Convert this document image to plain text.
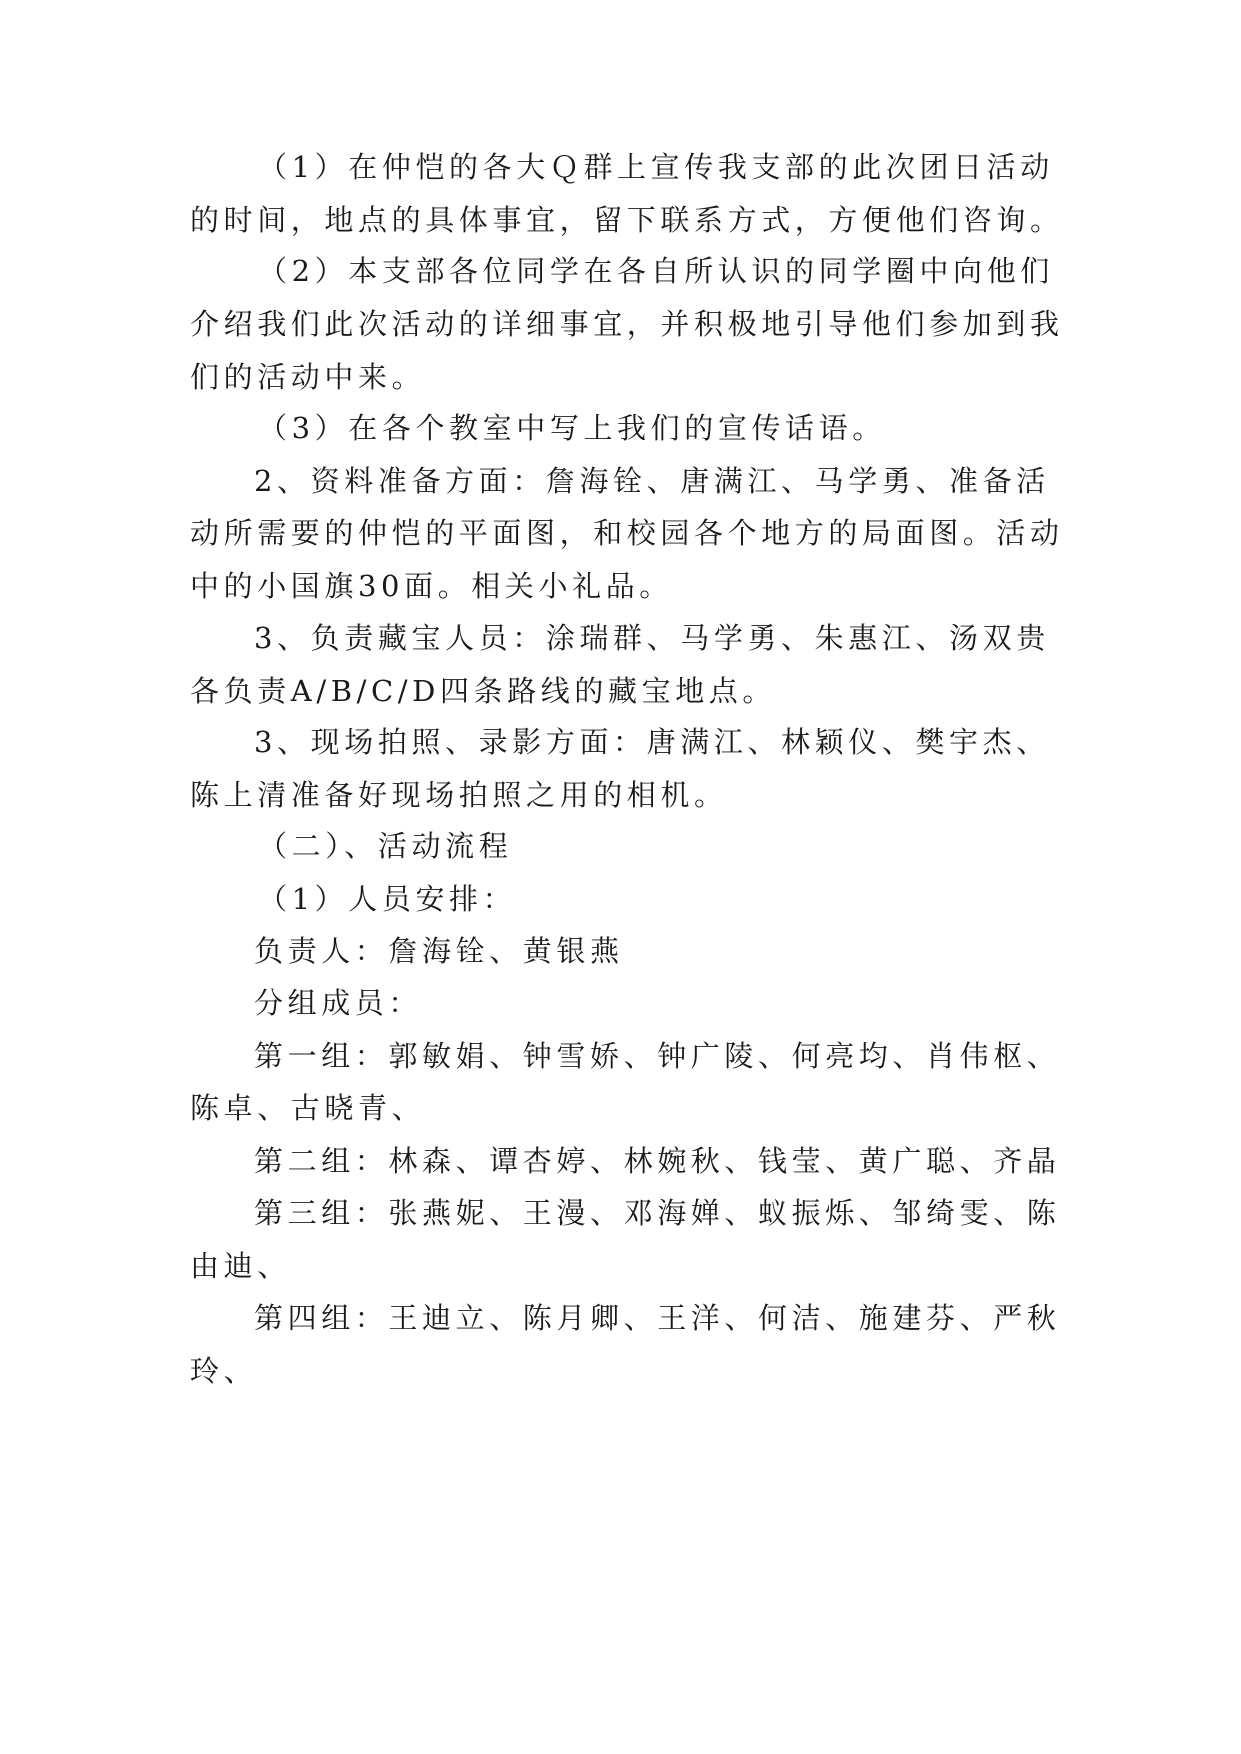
（1）在仲恺的各大Ｑ群上宣传我支部的此次团日活动
的时间，地点的具体事宜，留下联系方式，方便他们咨询。
（2）本支部各位同学在各自所认识的同学圈中向他们
介绍我们此次活动的详细事宜，并积极地引导他们参加到我
们的活动中来。
（3）在各个教室中写上我们的宣传话语。
2、资料准备方面：詹海铨、唐满江、马学勇、准备活
动所需要的仲恺的平面图，和校园各个地方的局面图。活动
中的小国旗30面。相关小礼品。
3、负责藏宝人员：涂瑞群、马学勇、朱惠江、汤双贵
各负责A/B/C/D四条路线的藏宝地点。
3、现场拍照、录影方面：唐满江、林颖仪、樊宇杰、
陈上清准备好现场拍照之用的相机。
（二）、活动流程
（1）人员安排：
负责人：詹海铨、黄银燕
分组成员：
第一组：郭敏娟、钟雪娇、钟广陵、何亮均、肖伟枢、
陈卓、古晓青、
第二组：林森、谭杏婷、林婉秋、钱莹、黄广聪、齐晶
第三组：张燕妮、王漫、邓海婵、蚁振烁、邹绮雯、陈
由迪、
第四组：王迪立、陈月卿、王洋、何洁、施建芬、严秋
玲、
